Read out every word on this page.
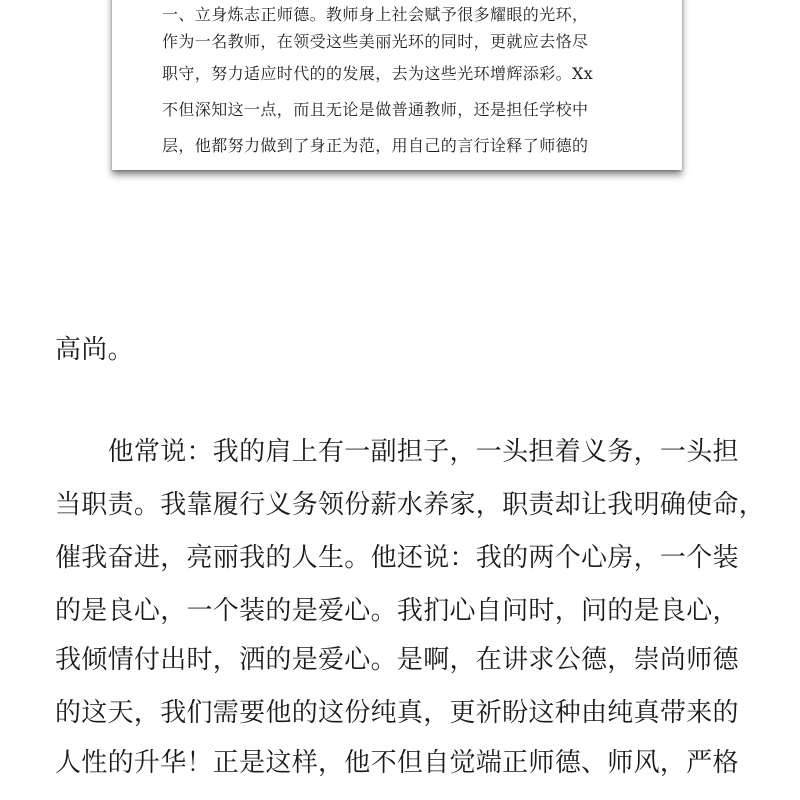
一、立身炼志正师德。教师身上社会赋予很多耀眼的光环，
作为一名教师，在领受这些美丽光环的同时，更就应去恪尽
职守，努力适应时代的的发展，去为这些光环增辉添彩。Xx
不但深知这一点，而且无论是做普通教师，还是担任学校中
层，他都努力做到了身正为范，用自己的言行诠释了师德的
高尚。
　　他常说：我的肩上有一副担子，一头担着义务，一头担
当职责。我靠履行义务领份薪水养家，职责却让我明确使命，
催我奋进，亮丽我的人生。他还说：我的两个心房，一个装
的是良心，一个装的是爱心。我扪心自问时，问的是良心，
我倾情付出时，洒的是爱心。是啊，在讲求公德，崇尚师德
的这天，我们需要他的这份纯真，更祈盼这种由纯真带来的
人性的升华！正是这样，他不但自觉端正师德、师风，严格
